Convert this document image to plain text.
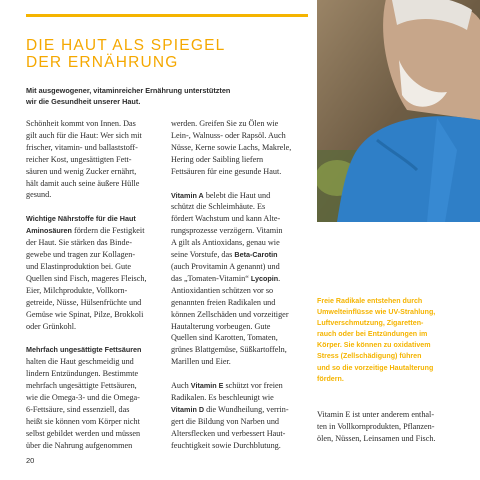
DIE HAUT ALS SPIEGEL
DER ERNÄHRUNG

Mit ausgewogener, vitaminreicher Ernährung unterstützten
wir die Gesundheit unserer Haut.

Schönheit kommt von Innen. Das
gilt auch für die Haut: Wer sich mit
frischer, vitamin- und ballaststoff-
reicher Kost, ungesättigten Fett-
säuren und wenig Zucker ernährt,
hält damit auch seine äußere Hülle
gesund.

Wichtige Nährstoffe für die Haut
Aminosäuren fördern die Festigkeit
der Haut. Sie stärken das Binde-
gewebe und tragen zur Kollagen-
und Elastinproduktion bei. Gute
Quellen sind Fisch, mageres Fleisch,
Eier, Milchprodukte, Vollkorn-
getreide, Nüsse, Hülsenfrüchte und
Gemüse wie Spinat, Pilze, Brokkoli
oder Grünkohl.

Mehrfach ungesättigte Fettsäuren
halten die Haut geschmeidig und
lindern Entzündungen. Bestimmte
mehrfach ungesättigte Fettsäuren,
wie die Omega-3- und die Omega-
6-Fettsäure, sind essenziell, das
heißt sie können vom Körper nicht
selbst gebildet werden und müssen
über die Nahrung aufgenommen

werden. Greifen Sie zu Ölen wie
Lein-, Walnuss- oder Rapsöl. Auch
Nüsse, Kerne sowie Lachs, Makrele,
Hering oder Saibling liefern
Fettsäuren für eine gesunde Haut.

Vitamin A belebt die Haut und
schützt die Schleimhäute. Es
fördert Wachstum und kann Alte-
rungsprozesse verzögern. Vitamin
A gilt als Antioxidans, genau wie
seine Vorstufe, das Beta-Carotin
(auch Provitamin A genannt) und
das „Tomaten-Vitamin“ Lycopin.
Antioxidantien schützen vor so
genannten freien Radikalen und
können Zellschäden und vorzeitiger
Hautalterung vorbeugen. Gute
Quellen sind Karotten, Tomaten,
grünes Blattgemüse, Süßkartoffeln,
Marillen und Eier.

Auch Vitamin E schützt vor freien
Radikalen. Es beschleunigt wie
Vitamin D die Wundheilung, verrin-
gert die Bildung von Narben und
Altersflecken und verbessert Haut-
feuchtigkeit sowie Durchblutung.

Freie Radikale entstehen durch
Umwelteinflüsse wie UV-Strahlung,
Luftverschmutzung, Zigaretten-
rauch oder bei Entzündungen im
Körper. Sie können zu oxidativem
Stress (Zellschädigung) führen
und so die vorzeitige Hautalterung
fördern.

Vitamin E ist unter anderem enthal-
ten in Vollkornprodukten, Pflanzen-
ölen, Nüssen, Leinsamen und Fisch.

20
